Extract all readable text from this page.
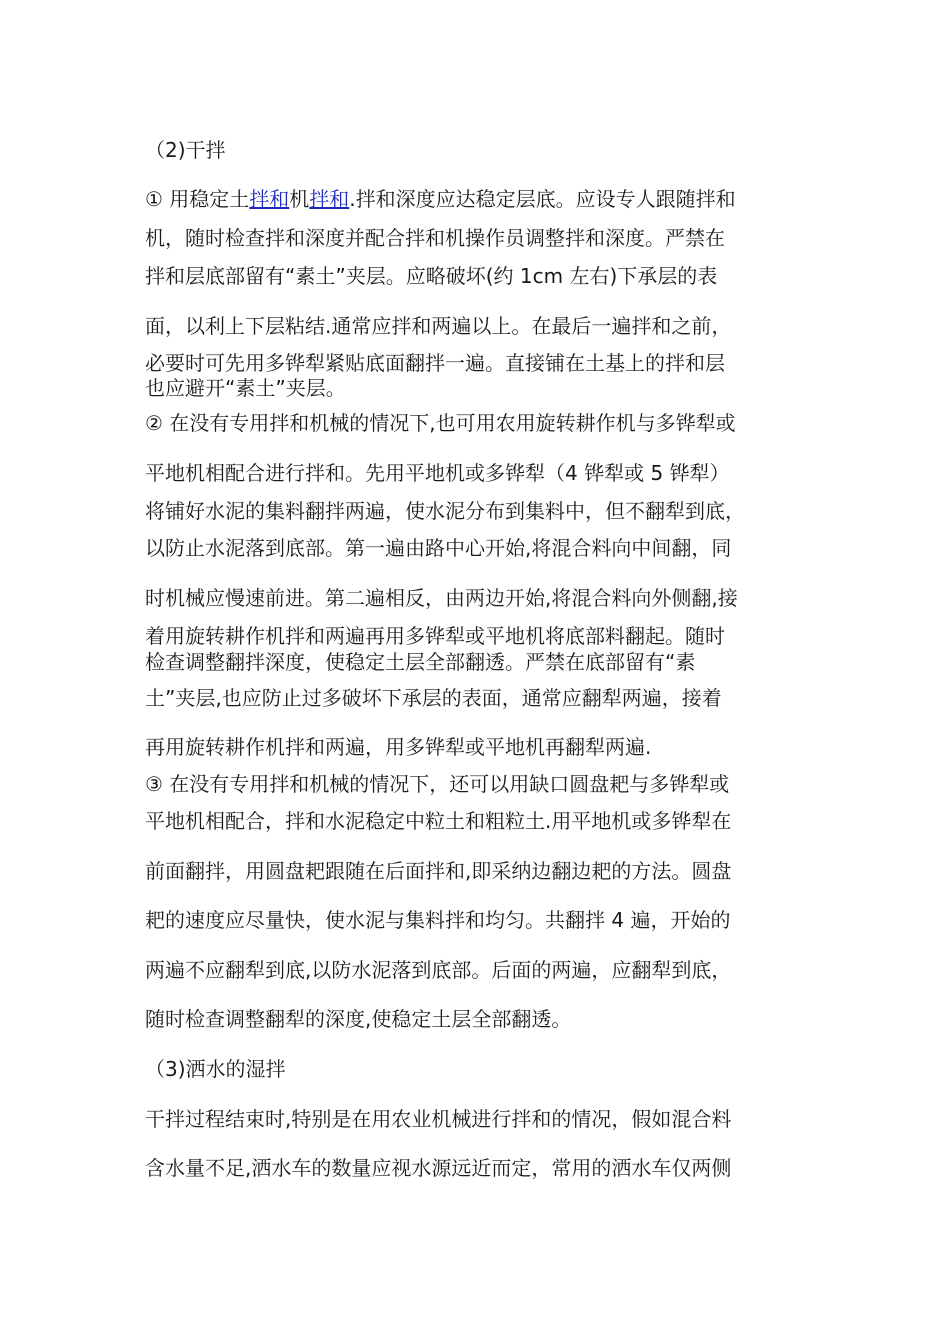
（2)干拌
① 用稳定土拌和机拌和.拌和深度应达稳定层底。应设专人跟随拌和
机，随时检查拌和深度并配合拌和机操作员调整拌和深度。严禁在
拌和层底部留有“素土”夹层。应略破坏(约 1cm 左右)下承层的表
面，以利上下层粘结.通常应拌和两遍以上。在最后一遍拌和之前，
必要时可先用多铧犁紧贴底面翻拌一遍。直接铺在土基上的拌和层
也应避开“素土”夹层。
② 在没有专用拌和机械的情况下,也可用农用旋转耕作机与多铧犁或
平地机相配合进行拌和。先用平地机或多铧犁（4 铧犁或 5 铧犁）
将铺好水泥的集料翻拌两遍，使水泥分布到集料中，但不翻犁到底，
以防止水泥落到底部。第一遍由路中心开始,将混合料向中间翻，同
时机械应慢速前进。第二遍相反，由两边开始,将混合料向外侧翻,接
着用旋转耕作机拌和两遍再用多铧犁或平地机将底部料翻起。随时
检查调整翻拌深度，使稳定土层全部翻透。严禁在底部留有“素
土”夹层,也应防止过多破坏下承层的表面，通常应翻犁两遍，接着
再用旋转耕作机拌和两遍，用多铧犁或平地机再翻犁两遍.
③ 在没有专用拌和机械的情况下，还可以用缺口圆盘耙与多铧犁或
平地机相配合，拌和水泥稳定中粒土和粗粒土.用平地机或多铧犁在
前面翻拌，用圆盘耙跟随在后面拌和,即采纳边翻边耙的方法。圆盘
耙的速度应尽量快，使水泥与集料拌和均匀。共翻拌 4 遍，开始的
两遍不应翻犁到底,以防水泥落到底部。后面的两遍，应翻犁到底，
随时检查调整翻犁的深度,使稳定土层全部翻透。
（3)洒水的湿拌
干拌过程结束时,特别是在用农业机械进行拌和的情况，假如混合料
含水量不足,洒水车的数量应视水源远近而定，常用的洒水车仅两侧
